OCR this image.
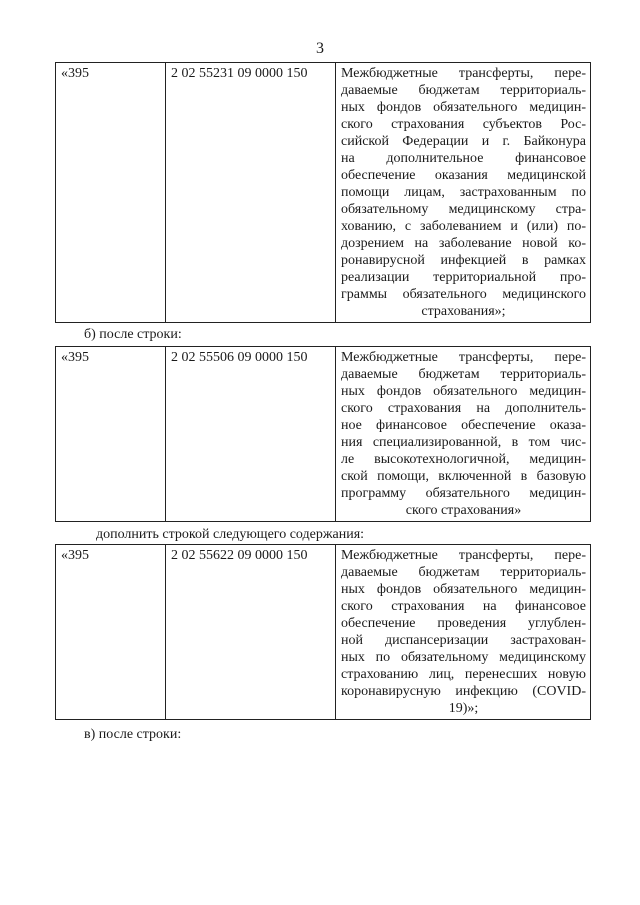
3
«395	2 02 55231 09 0000 150	Межбюджетные трансферты, пере-
даваемые бюджетам территориаль-
ных фондов обязательного медицин-
ского страхования субъектов Рос-
сийской Федерации и г. Байконура
на дополнительное финансовое
обеспечение оказания медицинской
помощи лицам, застрахованным по
обязательному медицинскому стра-
хованию, с заболеванием и (или) по-
дозрением на заболевание новой ко-
ронавирусной инфекцией в рамках
реализации территориальной про-
граммы обязательного медицинского
страхования»;
б) после строки:
«395	2 02 55506 09 0000 150	Межбюджетные трансферты, пере-
даваемые бюджетам территориаль-
ных фондов обязательного медицин-
ского страхования на дополнитель-
ное финансовое обеспечение оказа-
ния специализированной, в том чис-
ле высокотехнологичной, медицин-
ской помощи, включенной в базовую
программу обязательного медицин-
ского страхования»
дополнить строкой следующего содержания:
«395	2 02 55622 09 0000 150	Межбюджетные трансферты, пере-
даваемые бюджетам территориаль-
ных фондов обязательного медицин-
ского страхования на финансовое
обеспечение проведения углублен-
ной диспансеризации застрахован-
ных по обязательному медицинскому
страхованию лиц, перенесших новую
коронавирусную инфекцию (COVID-
19)»;
в) после строки:
